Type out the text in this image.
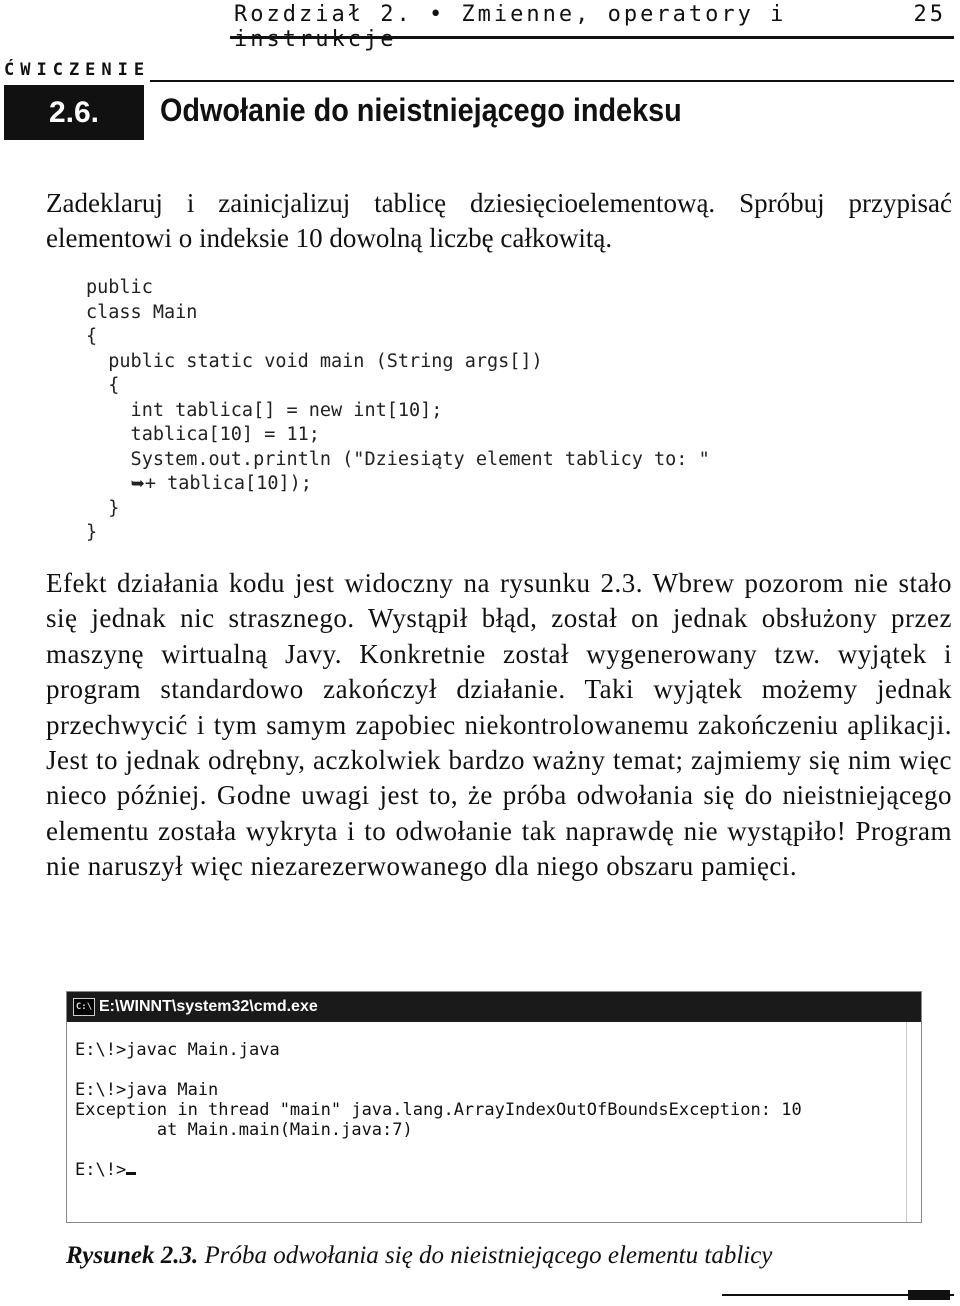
Rozdział 2. • Zmienne, operatory i instrukcje
25
ĆWICZENIE
2.6.	Odwołanie do nieistniejącego indeksu

Zadeklaruj i zainicjalizuj tablicę dziesięcioelementową. Spróbuj przypisać elementowi o indeksie 10 dowolną liczbę całkowitą.

public
class Main
{
public static void main (String args[])
{
int tablica[] = new int[10];
tablica[10] = 11;
System.out.println ("Dziesiąty element tablicy to: "
➥+ tablica[10]);
}
}

Efekt działania kodu jest widoczny na rysunku 2.3. Wbrew pozorom nie stało się jednak nic strasznego. Wystąpił błąd, został on jednak obsłużony przez maszynę wirtualną Javy. Konkretnie został wygenerowany tzw. wyjątek i program standardowo zakończył działanie. Taki wyjątek możemy jednak przechwycić i tym samym zapobiec niekontrolowanemu zakończeniu aplikacji. Jest to jednak odrębny, aczkolwiek bardzo ważny temat; zajmiemy się nim więc nieco później. Godne uwagi jest to, że próba odwołania się do nieistniejącego elementu została wykryta i to odwołanie tak naprawdę nie wystąpiło! Program nie naruszył więc niezarezerwowanego dla niego obszaru pamięci.

C:\ E:\WINNT\system32\cmd.exe
E:\!>javac Main.java

E:\!>java Main
Exception in thread "main" java.lang.ArrayIndexOutOfBoundsException: 10
at Main.main(Main.java:7)

E:\!>
Rysunek 2.3. Próba odwołania się do nieistniejącego elementu tablicy
